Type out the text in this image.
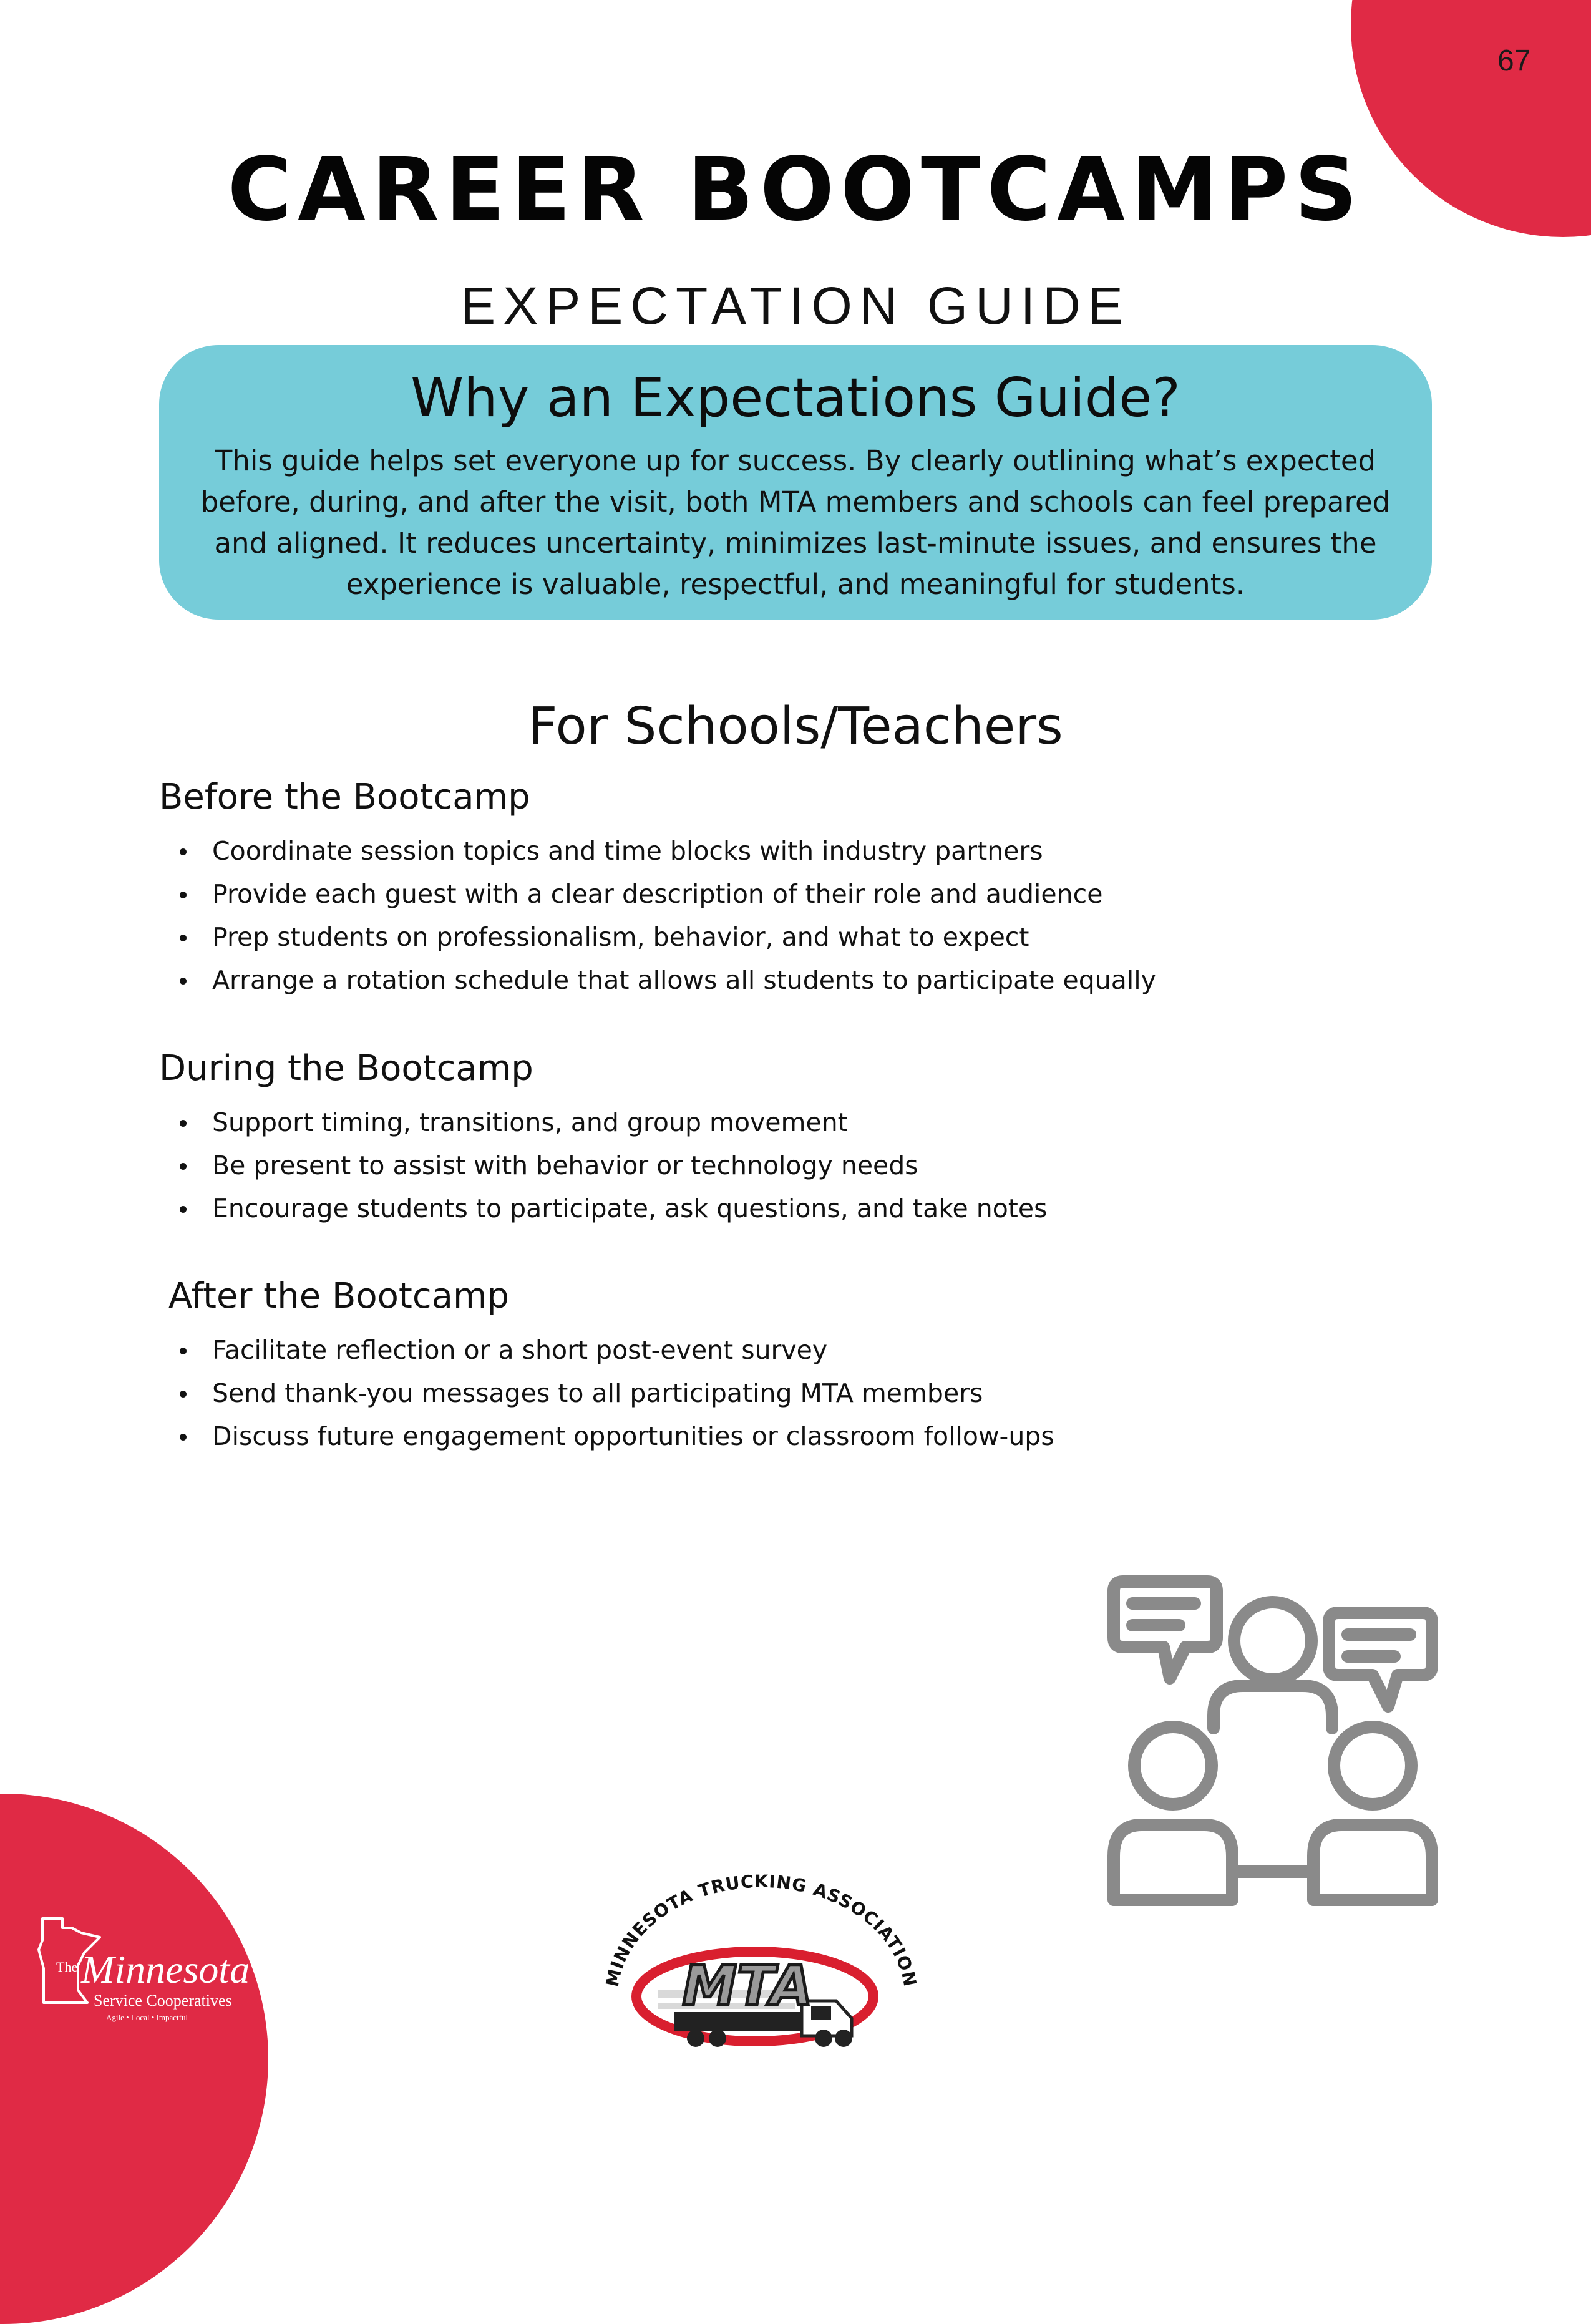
67
CAREER BOOTCAMPS
EXPECTATION GUIDE
Why an Expectations Guide?
This guide helps set everyone up for success. By clearly outlining what’s expected
before, during, and after the visit, both MTA members and schools can feel prepared
and aligned. It reduces uncertainty, minimizes last-minute issues, and ensures the
experience is valuable, respectful, and meaningful for students.
For Schools/Teachers
Before the Bootcamp
Coordinate session topics and time blocks with industry partners
Provide each guest with a clear description of their role and audience
Prep students on professionalism, behavior, and what to expect
Arrange a rotation schedule that allows all students to participate equally
During the Bootcamp
Support timing, transitions, and group movement
Be present to assist with behavior or technology needs
Encourage students to participate, ask questions, and take notes
After the Bootcamp
Facilitate reflection or a short post-event survey
Send thank-you messages to all participating MTA members
Discuss future engagement opportunities or classroom follow-ups
MINNESOTA TRUCKING ASSOCIATION
MTA
The Minnesota
Service Cooperatives
Agile • Local • Impactful
